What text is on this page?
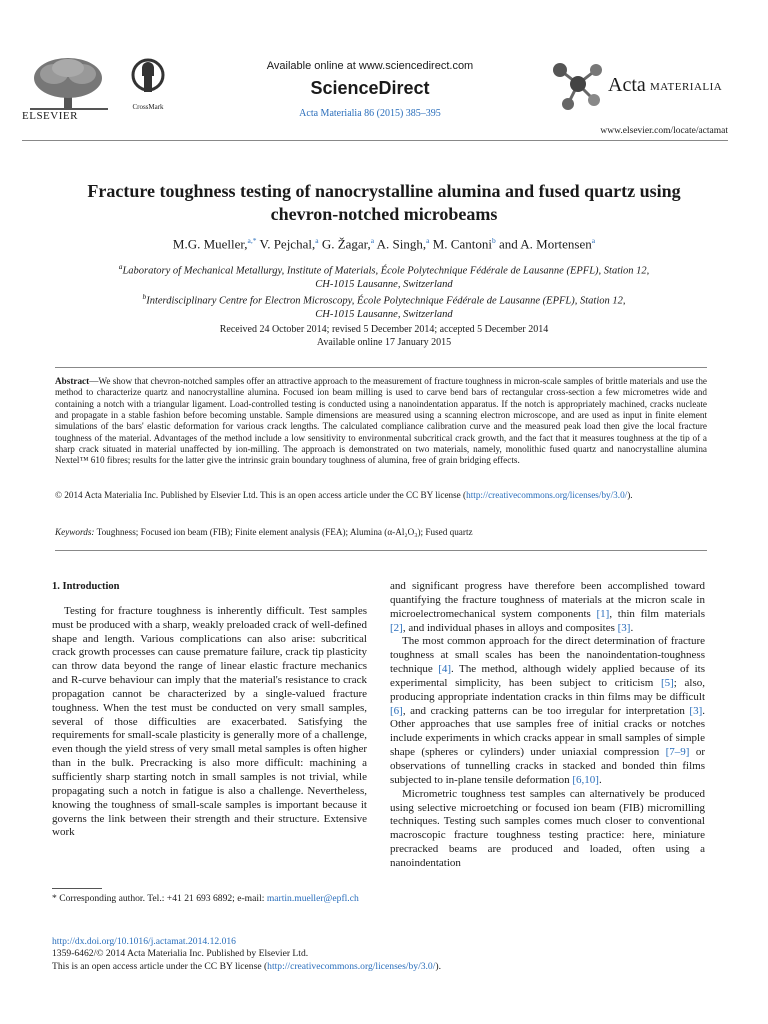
ELSEVIER
CrossMark
Available online at www.sciencedirect.com
ScienceDirect
Acta Materialia 86 (2015) 385–395
Acta MATERIALIA
www.elsevier.com/locate/actamat
Fracture toughness testing of nanocrystalline alumina and fused quartz using
chevron-notched microbeams
M.G. Mueller,$^{a,*}$ V. Pejchal,$^a$ G. Žagar,$^a$ A. Singh,$^a$ M. Cantoni$^b$ and A. Mortensen$^a$
$^a$Laboratory of Mechanical Metallurgy, Institute of Materials, École Polytechnique Fédérale de Lausanne (EPFL), Station 12,
CH-1015 Lausanne, Switzerland
$^b$Interdisciplinary Centre for Electron Microscopy, École Polytechnique Fédérale de Lausanne (EPFL), Station 12,
CH-1015 Lausanne, Switzerland
Received 24 October 2014; revised 5 December 2014; accepted 5 December 2014
Available online 17 January 2015
Abstract—We show that chevron-notched samples offer an attractive approach to the measurement of fracture toughness in micron-scale samples of brittle materials and use the method to characterize quartz and nanocrystalline alumina. Focused ion beam milling is used to carve bend bars of rectangular cross-section a few micrometres wide and containing a notch with a triangular ligament. Load-controlled testing is conducted using a nanoindentation apparatus. If the notch is appropriately machined, cracks nucleate and propagate in a stable fashion before becoming unstable. Sample dimensions are measured using a scanning electron microscope, and are used as input in finite element simulations of the bars' elastic deformation for various crack lengths. The calculated compliance calibration curve and the measured peak load then give the local fracture toughness of the material. Advantages of the method include a low sensitivity to environmental subcritical crack growth, and the fact that it measures toughness at the tip of a sharp crack situated in material unaffected by ion-milling. The approach is demonstrated on two materials, namely, monolithic fused quartz and nanocrystalline alumina Nextel™ 610 fibres; results for the latter give the intrinsic grain boundary toughness of alumina, free of grain bridging effects.
© 2014 Acta Materialia Inc. Published by Elsevier Ltd. This is an open access article under the CC BY license (http://creativecommons.org/licenses/by/3.0/).
Keywords: Toughness; Focused ion beam (FIB); Finite element analysis (FEA); Alumina (α-Al₂O₃); Fused quartz
1. Introduction

Testing for fracture toughness is inherently difficult. Test samples must be produced with a sharp, weakly preloaded crack of well-defined shape and length. Various complications can also arise: subcritical crack growth processes can cause premature failure, crack tip plasticity can throw data beyond the range of linear elastic fracture mechanics and R-curve behaviour can imply that the material's resistance to crack propagation cannot be characterized by a single-valued fracture toughness. When the test must be conducted on very small samples, several of those difficulties are exacerbated. Satisfying the requirements for small-scale plasticity is generally more of a challenge, even though the yield stress of very small metal samples is often higher than in the bulk. Precracking is also more difficult: machining a sufficiently sharp starting notch in small samples is not trivial, while propagating such a notch in fatigue is also a challenge. Nevertheless, knowing the toughness of small-scale samples is important because it governs the link between their strength and their structure. Extensive work

and significant progress have therefore been accomplished toward quantifying the fracture toughness of materials at the micron scale in microelectromechanical system components [1], thin film materials [2], and individual phases in alloys and composites [3].

The most common approach for the direct determination of fracture toughness at small scales has been the nanoindentation-toughness technique [4]. The method, although widely applied because of its experimental simplicity, has been subject to criticism [5]; also, producing appropriate indentation cracks in thin films may be difficult [6], and cracking patterns can be too irregular for interpretation [3]. Other approaches that use samples free of initial cracks or notches include experiments in which cracks appear in small samples of simple shape (spheres or cylinders) under uniaxial compression [7–9] or observations of tunnelling cracks in stacked and bonded thin films subjected to in-plane tensile deformation [6,10].

Micrometric toughness test samples can alternatively be produced using selective microetching or focused ion beam (FIB) micromilling techniques. Testing such samples comes much closer to conventional macroscopic fracture toughness testing practice: here, miniature precracked beams are produced and loaded, often using a nanoindentation

* Corresponding author. Tel.: +41 21 693 6892; e-mail: martin.mueller@epfl.ch
http://dx.doi.org/10.1016/j.actamat.2014.12.016
1359-6462/© 2014 Acta Materialia Inc. Published by Elsevier Ltd.
This is an open access article under the CC BY license (http://creativecommons.org/licenses/by/3.0/).
